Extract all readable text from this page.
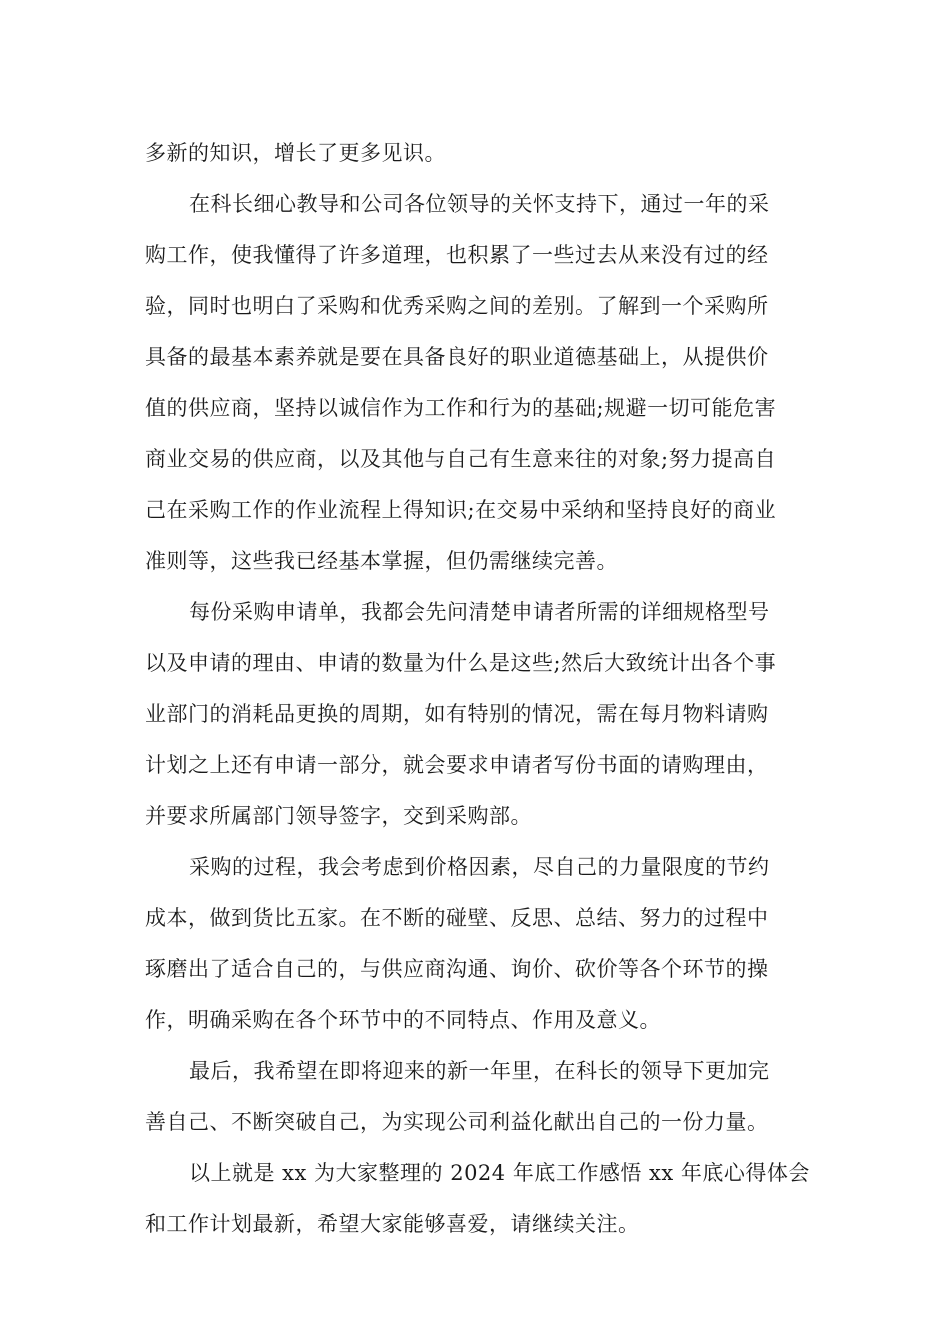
多新的知识，增长了更多见识。
在科长细心教导和公司各位领导的关怀支持下，通过一年的采
购工作，使我懂得了许多道理，也积累了一些过去从来没有过的经
验，同时也明白了采购和优秀采购之间的差别。了解到一个采购所
具备的最基本素养就是要在具备良好的职业道德基础上，从提供价
值的供应商，坚持以诚信作为工作和行为的基础;规避一切可能危害
商业交易的供应商，以及其他与自己有生意来往的对象;努力提高自
己在采购工作的作业流程上得知识;在交易中采纳和坚持良好的商业
准则等，这些我已经基本掌握，但仍需继续完善。
每份采购申请单，我都会先问清楚申请者所需的详细规格型号
以及申请的理由、申请的数量为什么是这些;然后大致统计出各个事
业部门的消耗品更换的周期，如有特别的情况，需在每月物料请购
计划之上还有申请一部分，就会要求申请者写份书面的请购理由，
并要求所属部门领导签字，交到采购部。
采购的过程，我会考虑到价格因素，尽自己的力量限度的节约
成本，做到货比五家。在不断的碰壁、反思、总结、努力的过程中
琢磨出了适合自己的，与供应商沟通、询价、砍价等各个环节的操
作，明确采购在各个环节中的不同特点、作用及意义。
最后，我希望在即将迎来的新一年里，在科长的领导下更加完
善自己、不断突破自己，为实现公司利益化献出自己的一份力量。
以上就是 xx 为大家整理的 2024 年底工作感悟 xx 年底心得体会
和工作计划最新，希望大家能够喜爱，请继续关注。
